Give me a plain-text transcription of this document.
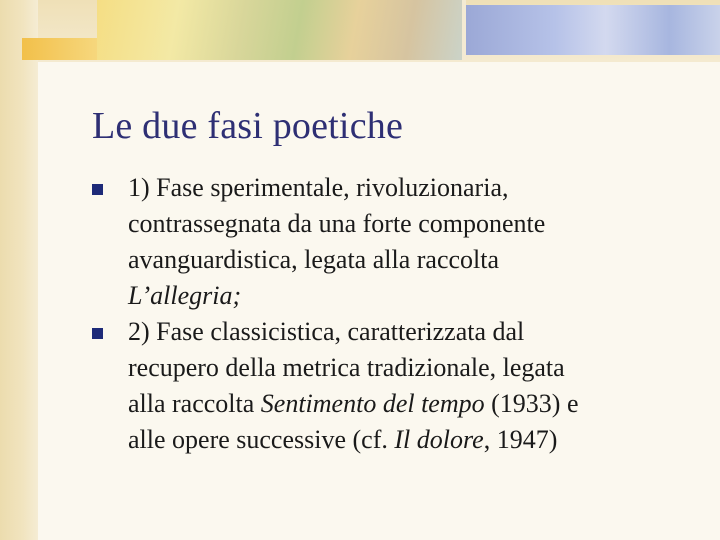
Le due fasi poetiche
1) Fase sperimentale, rivoluzionaria,
contrassegnata da una forte componente
avanguardistica, legata alla raccolta
L’allegria;
2) Fase classicistica, caratterizzata dal
recupero della metrica tradizionale, legata
alla raccolta Sentimento del tempo (1933) e
alle opere successive (cf. Il dolore, 1947)
